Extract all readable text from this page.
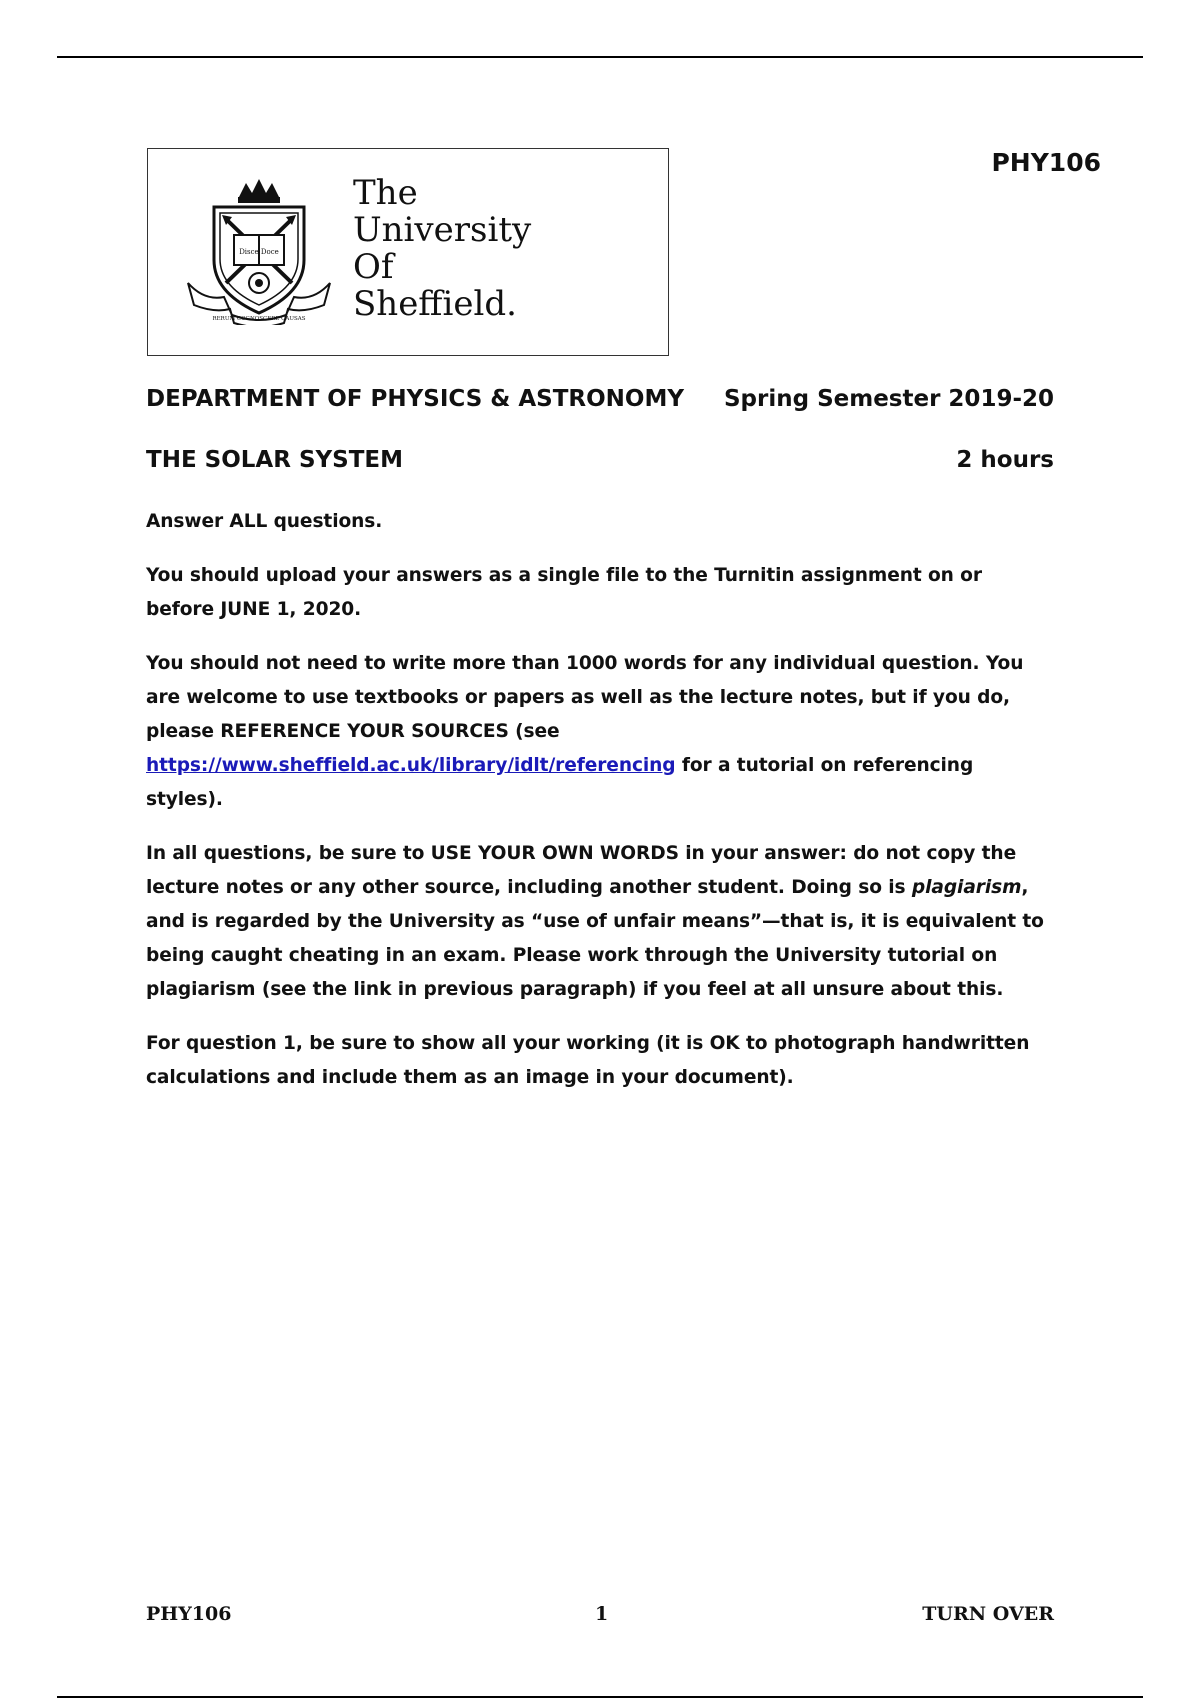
Disce Doce
RERUM COGNOSCERE CAUSAS
The
University
Of
Sheffield.
PHY106
DEPARTMENT OF PHYSICS & ASTRONOMY Spring Semester 2019-20
THE SOLAR SYSTEM	2 hours

Answer ALL questions.

You should upload your answers as a single file to the Turnitin assignment on or before JUNE 1, 2020.

You should not need to write more than 1000 words for any individual question. You are welcome to use textbooks or papers as well as the lecture notes, but if you do, please REFERENCE YOUR SOURCES (see https://www.sheffield.ac.uk/library/idlt/referencing for a tutorial on referencing styles).

In all questions, be sure to USE YOUR OWN WORDS in your answer: do not copy the lecture notes or any other source, including another student. Doing so is plagiarism, and is regarded by the University as “use of unfair means”—that is, it is equivalent to being caught cheating in an exam. Please work through the University tutorial on plagiarism (see the link in previous paragraph) if you feel at all unsure about this.

For question 1, be sure to show all your working (it is OK to photograph handwritten calculations and include them as an image in your document).

PHY106	1	TURN OVER
